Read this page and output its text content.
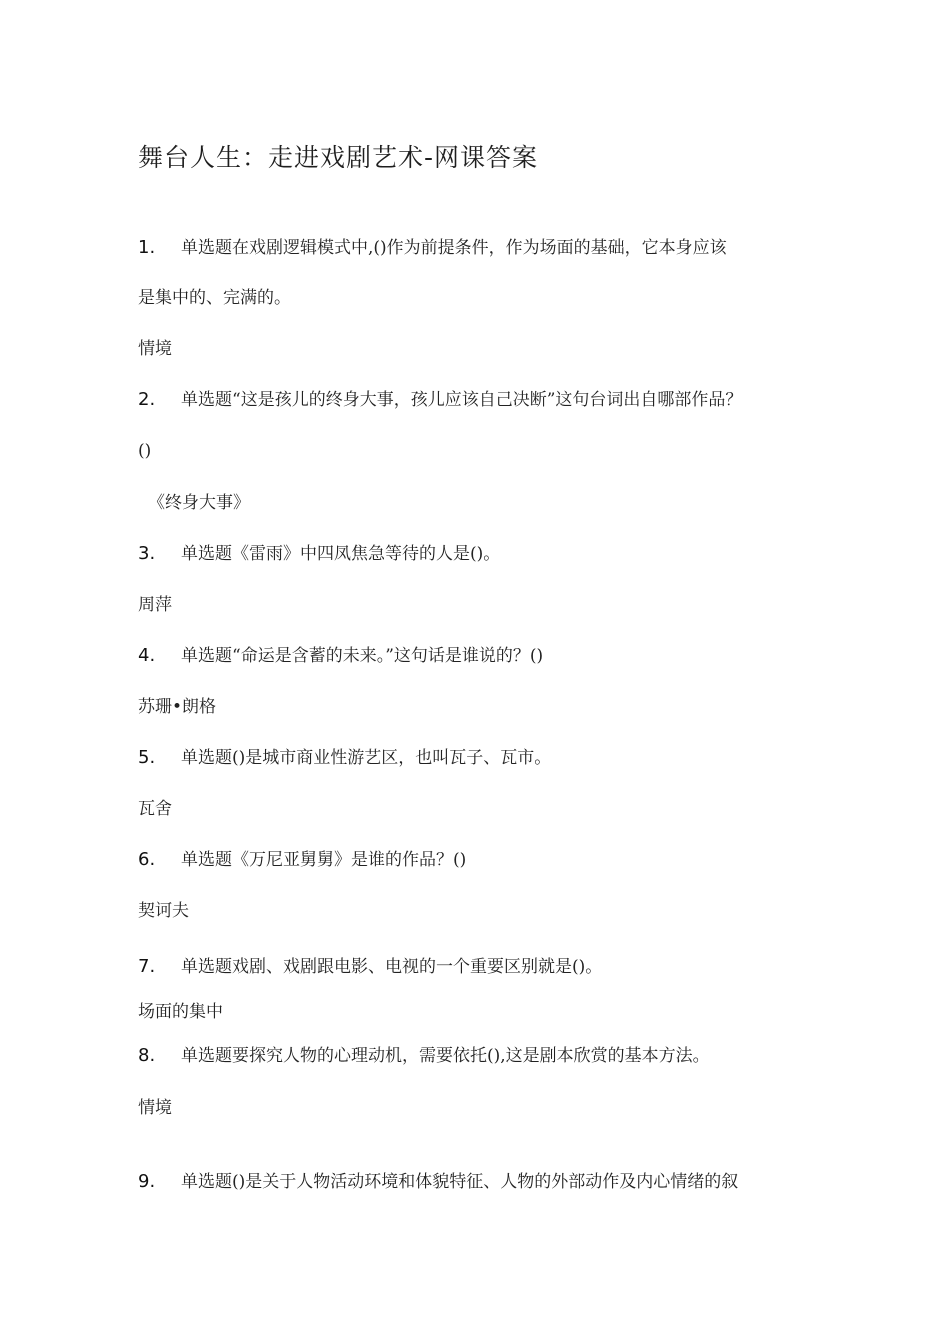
舞台人生：走进戏剧艺术-网课答案
1. 单选题在戏剧逻辑模式中,()作为前提条件，作为场面的基础，它本身应该
是集中的、完满的。
情境
2. 单选题“这是孩儿的终身大事，孩儿应该自己决断”这句台词出自哪部作品？
()
《终身大事》
3. 单选题《雷雨》中四凤焦急等待的人是()。
周萍
4. 单选题“命运是含蓄的未来。”这句话是谁说的？()
苏珊•朗格
5. 单选题()是城市商业性游艺区，也叫瓦子、瓦市。
瓦舍
6. 单选题《万尼亚舅舅》是谁的作品？()
契诃夫
7. 单选题戏剧、戏剧跟电影、电视的一个重要区别就是()。
场面的集中
8. 单选题要探究人物的心理动机，需要依托(),这是剧本欣赏的基本方法。
情境
9. 单选题()是关于人物活动环境和体貌特征、人物的外部动作及内心情绪的叙
